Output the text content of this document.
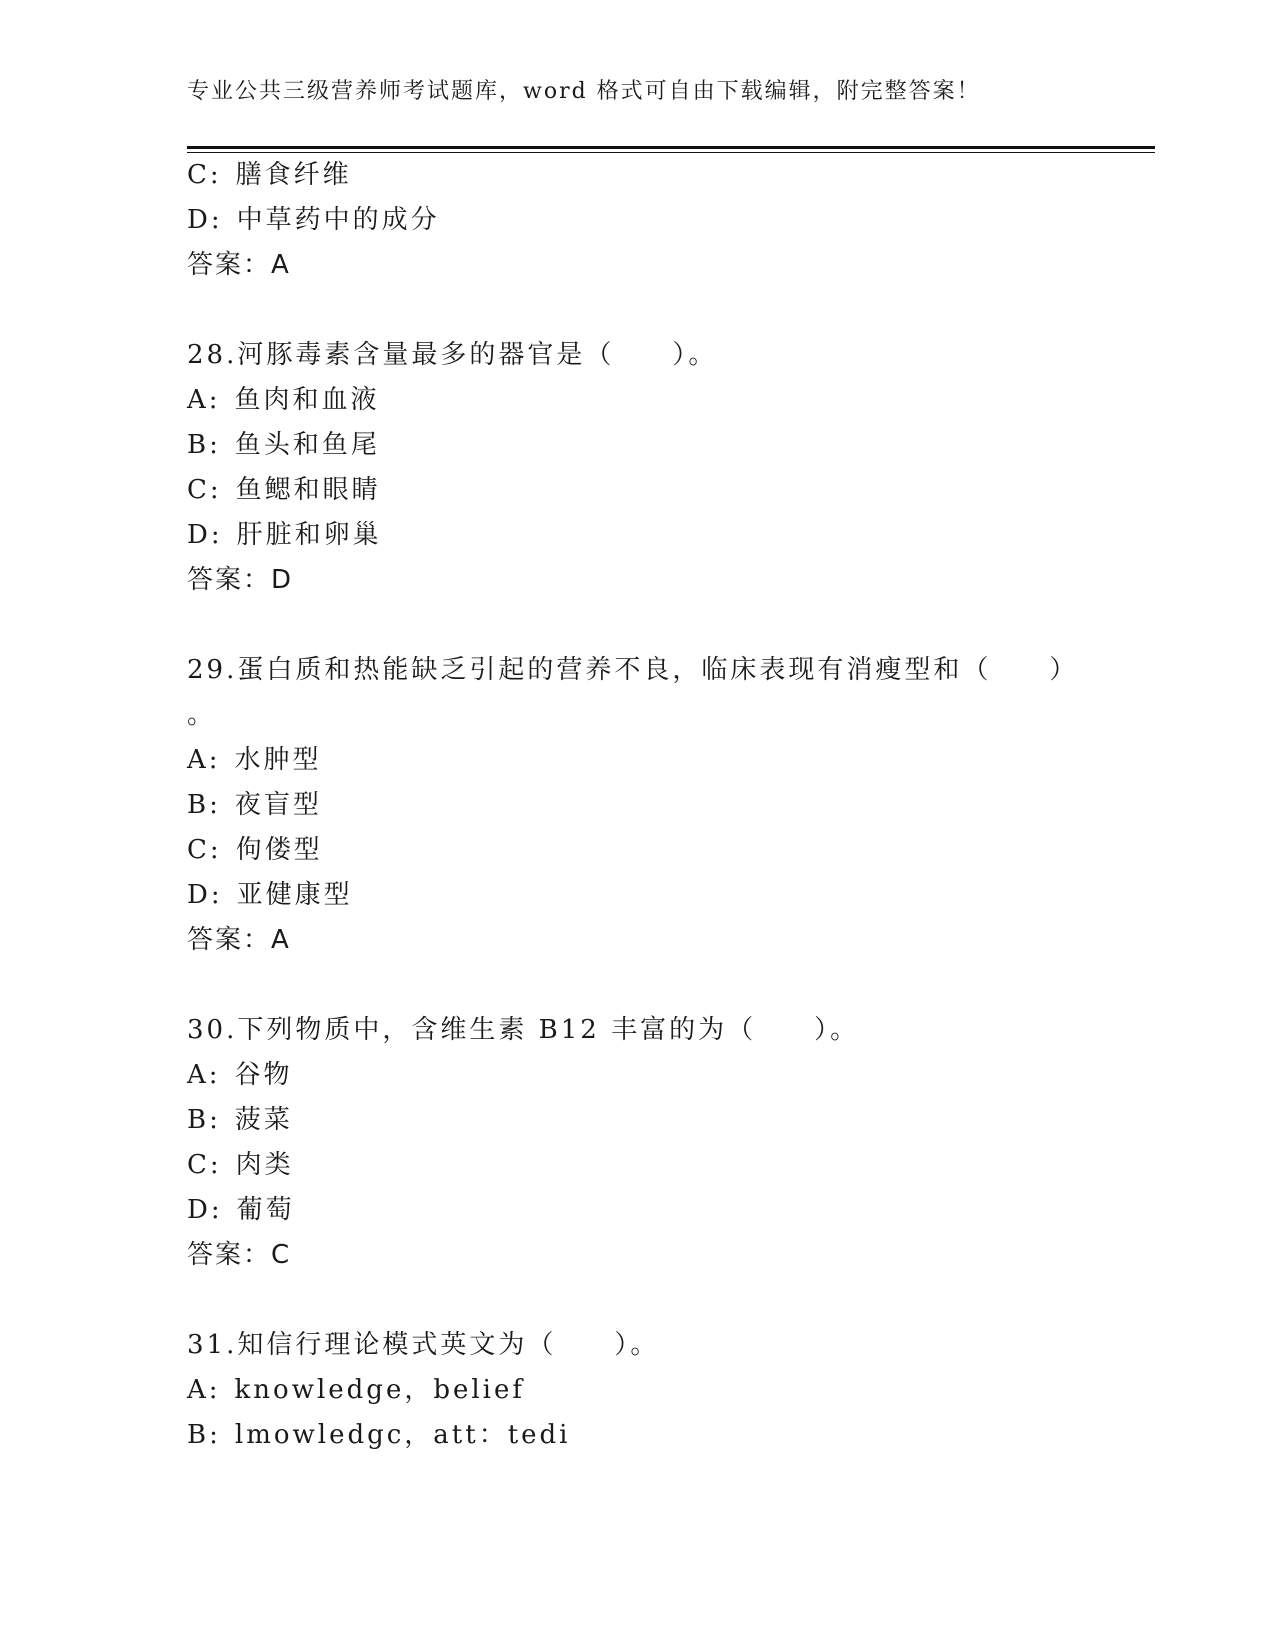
专业公共三级营养师考试题库，word 格式可自由下载编辑，附完整答案！
C: 膳食纤维
D: 中草药中的成分
答案：A
28.河豚毒素含量最多的器官是（　　）。
A: 鱼肉和血液
B: 鱼头和鱼尾
C: 鱼鳃和眼睛
D: 肝脏和卵巢
答案：D
29.蛋白质和热能缺乏引起的营养不良，临床表现有消瘦型和（　　）
。
A: 水肿型
B: 夜盲型
C: 佝偻型
D: 亚健康型
答案：A
30.下列物质中，含维生素 B12 丰富的为（　　）。
A: 谷物
B: 菠菜
C: 肉类
D: 葡萄
答案：C
31.知信行理论模式英文为（　　）。
A: knowledge，belief
B: lmowledgc，att：tedi
